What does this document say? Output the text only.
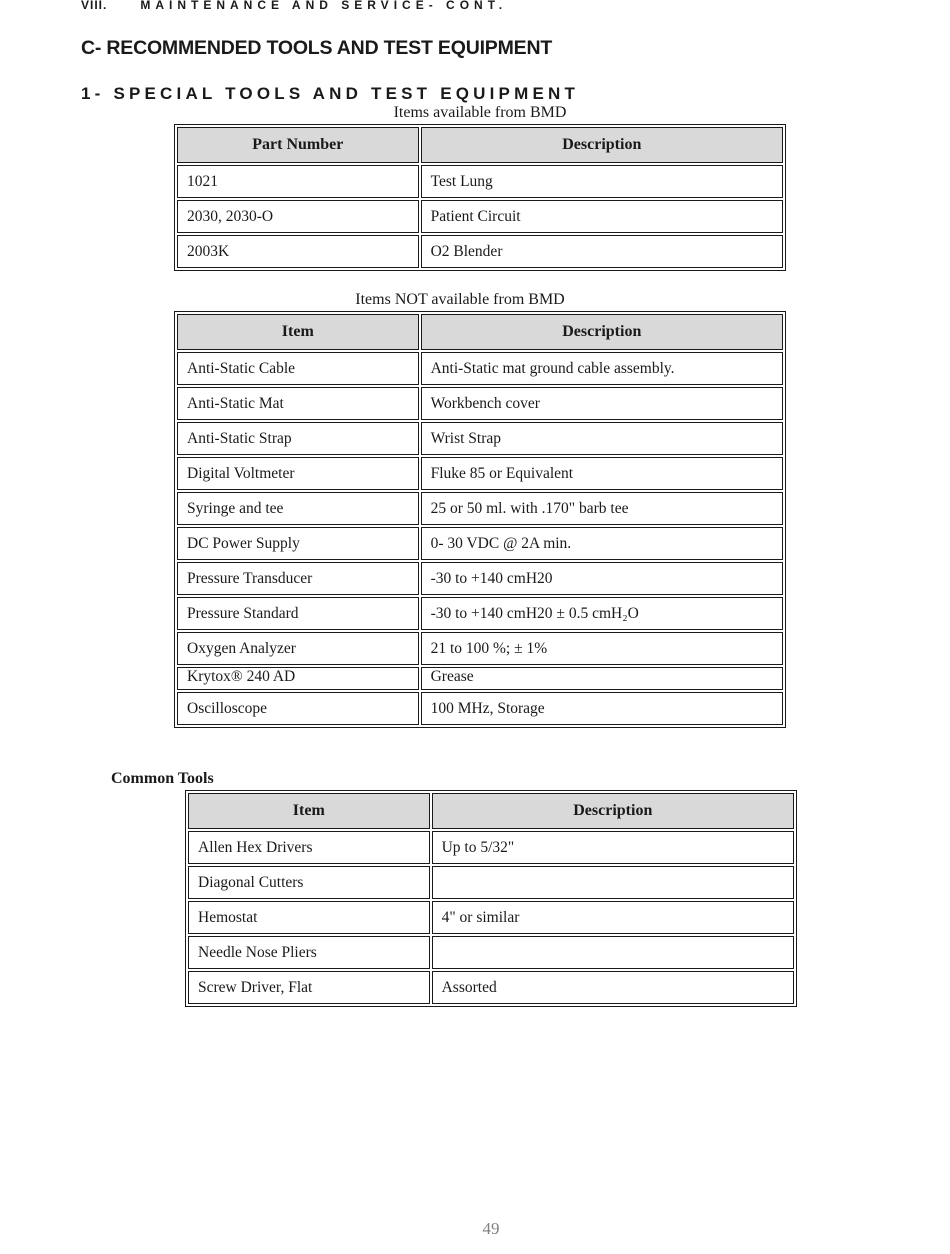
VIII.	MAINTENANCE AND SERVICE- CONT.
C- RECOMMENDED TOOLS AND TEST EQUIPMENT
1- SPECIAL TOOLS AND TEST EQUIPMENT
Items available from BMD
Part Number	Description
1021	Test Lung
2030, 2030-O	Patient Circuit
2003K	O2 Blender
Items NOT available from BMD
Item	Description
Anti-Static Cable	Anti-Static mat ground cable assembly.
Anti-Static Mat	Workbench cover
Anti-Static Strap	Wrist Strap
Digital Voltmeter	Fluke 85 or Equivalent
Syringe and tee	25 or 50 ml. with .170" barb tee
DC Power Supply	0- 30 VDC @ 2A min.
Pressure Transducer	-30 to +140 cmH20
Pressure Standard	-30 to +140 cmH20 ± 0.5 cmH₂O
Oxygen Analyzer	21 to 100 %; ± 1%
Krytox® 240 AD	Grease
Oscilloscope	100 MHz, Storage
Common Tools
Item	Description
Allen Hex Drivers	Up to 5/32"
Diagonal Cutters	
Hemostat	4" or similar
Needle Nose Pliers	
Screw Driver, Flat	Assorted
49
